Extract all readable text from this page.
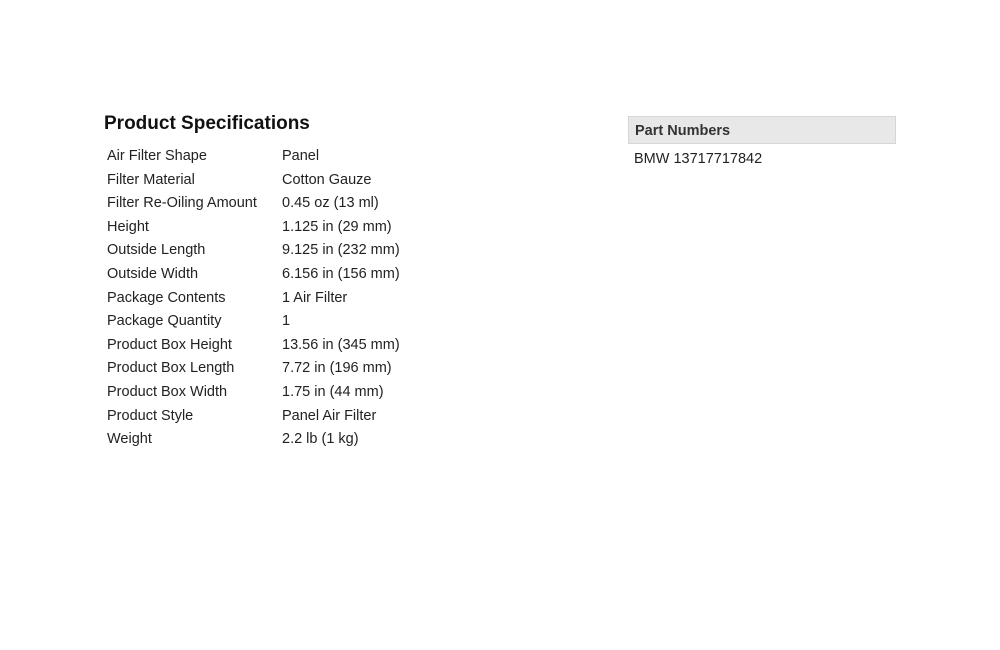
Product Specifications
Air Filter Shape	Panel
Filter Material	Cotton Gauze
Filter Re-Oiling Amount	0.45 oz (13 ml)
Height	1.125 in (29 mm)
Outside Length	9.125 in (232 mm)
Outside Width	6.156 in (156 mm)
Package Contents	1 Air Filter
Package Quantity	1
Product Box Height	13.56 in (345 mm)
Product Box Length	7.72 in (196 mm)
Product Box Width	1.75 in (44 mm)
Product Style	Panel Air Filter
Weight	2.2 lb (1 kg)
Part Numbers
BMW 13717717842
